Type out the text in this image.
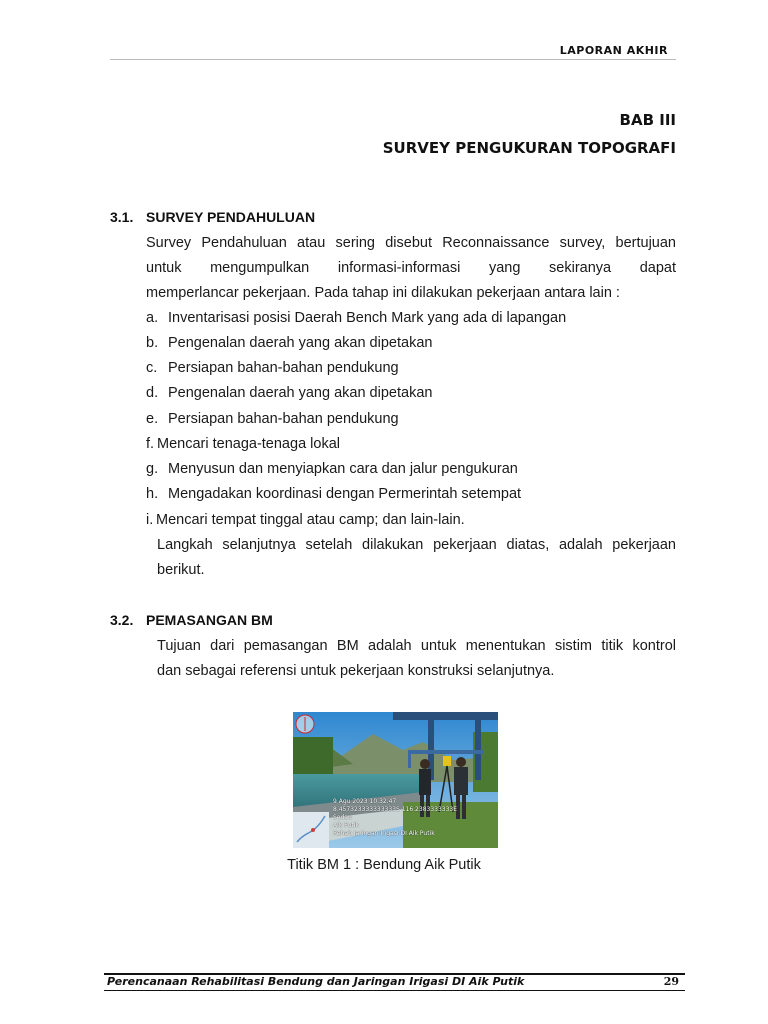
LAPORAN AKHIR
BAB III
SURVEY PENGUKURAN TOPOGRAFI
3.1. SURVEY PENDAHULUAN
Survey Pendahuluan atau sering disebut Reconnaissance survey, bertujuan
untuk mengumpulkan informasi-informasi yang sekiranya dapat
memperlancar pekerjaan. Pada tahap ini dilakukan pekerjaan antara lain :
a. Inventarisasi posisi Daerah Bench Mark yang ada di lapangan
b. Pengenalan daerah yang akan dipetakan
c. Persiapan bahan-bahan pendukung
d. Pengenalan daerah yang akan dipetakan
e. Persiapan bahan-bahan pendukung
f. Mencari tenaga-tenaga lokal
g. Menyusun dan menyiapkan cara dan jalur pengukuran
h. Mengadakan koordinasi dengan Permerintah setempat
i. Mencari tempat tinggal atau camp; dan lain-lain.
Langkah selanjutnya setelah dilakukan pekerjaan diatas, adalah pekerjaan
berikut.
3.2. PEMASANGAN BM
Tujuan dari pemasangan BM adalah untuk menentukan sistim titik kontrol
dan sebagai referensi untuk pekerjaan konstruksi selanjutnya.
9 Agu 2023 10.32.47
8.457323333333333S 116.2383333333E
Sedau
Aik Putik
Rehab Jaringan Irigasi DI Aik Putik
Titik BM 1 : Bendung Aik Putik
Perencanaan Rehabilitasi Bendung dan Jaringan Irigasi DI Aik Putik	29
